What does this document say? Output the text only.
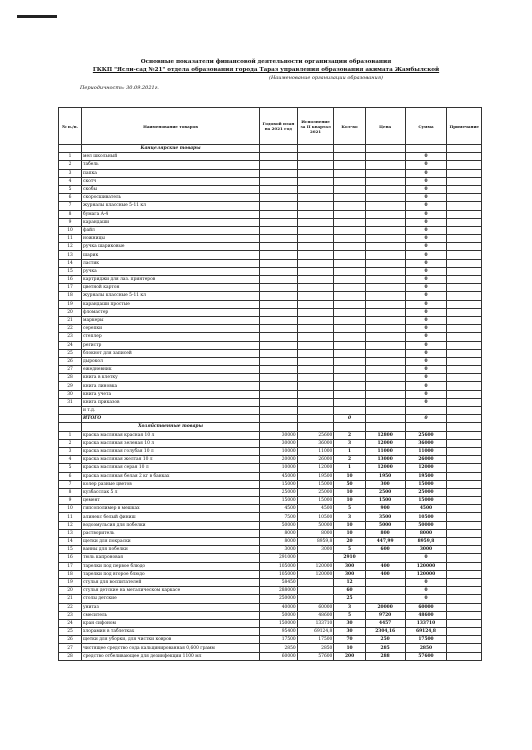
Основные показатели финансовой деятельности организации образования
ГККП "Ясли-сад №21" отдела образования города Тараз управления образования акимата Жамбылской
(Наименование организации образования)
Периодичность: 30.09.2021г.
№ п./п.	Наименование товаров	Годовой план на 2021 год	Исполнение за II квартал 2021	Кол-во	Цена	Сумма	Примечание
	Канцелярские товары						
1	мел школьный					0	
2	табель					0	
3	папка					0	
4	скотч					0	
5	скобы					0	
6	скоросшиватель					0	
7	журналы классные 5-11 кл					0	
8	бумага А-4					0	
9	карандаши					0	
10	файл					0	
11	ножницы					0	
12	ручка шариковые					0	
13	шарик					0	
14	ластик					0	
15	ручка					0	
16	картриджи для лаз. принтеров					0	
17	цветной картон					0	
18	журналы классные 5-11 кл					0	
19	карандаши простые					0	
20	фломастер					0	
21	маркеры					0	
22	серепки					0	
23	степлер					0	
24	регистр					0	
25	блокнот для записей					0	
26	дырокол					0	
27	ежедневник					0	
28	книга в клетку					0	
29	книга линовка					0	
30	книга учета					0	
31	книга приказов					0	
	и т.д.						
	ИТОГО			0		0	
	Хозяйственные товары						
1	краска масляная красная 10 л	30000	25600	2	12800	25600	
2	краска масляная зеленая 10 л	30000	36000	3	12000	36000	
3	краска масляная голубая 10 л	10000	11000	1	11000	11000	
4	краска масляная желтая 10 л	20000	26000	2	13000	26000	
5	краска масляная серая 10 л	10000	12000	1	12000	12000	
6	краска масляная белая 2 кг в банках	45000	19500	10	1950	19500	
7	колер разные цветов	15000	15000	50	300	15000	
8	кузбасслак 5 л	25000	25000	10	2500	25000	
9	цемент	15000	15000	10	1500	15000	
10	гипсополимер в мешках	4500	4500	5	900	4500	
11	алинекс белый финиш	7500	10500	3	3500	10500	
12	водоэмульсия для побелки	50000	50000	10	5000	50000	
13	растворитель	8000	8000	10	800	8000	
14	щетки для покраски	8000	8959,8	20	447,99	8959,8	
15	ванны для побелки	3000	3000	5	600	3000	
16	тюль капроновая	291000		2910		0	
17	тарелки под первое блюдо	105000	120000	300	400	120000	
18	тарелки под второе блюдо	105000	120000	300	400	120000	
19	стулья для воспитателей	58450		12		0	
20	стулья детские на металическом каркасе	288000		60		0	
21	столы детские	250000		25		0	
22	унитаз	40000	60000	3	20000	60000	
23	смеситель	50000	48600	5	9720	48600	
24	кран сифоном	150000	133710	30	4457	133710	
25	хлорамин в таблетках	95400	69124,8	30	2304,16	69124,8	
26	щетки для уборки, для чистки ковров	17500	17500	70	250	17500	
27	чистящее средство сода кальцинированная 0,600 грамм	2850	2850	10	285	2850	
28	средство отбеливающее для дезинфекции 1100 мл	60000	57600	200	288	57600	
